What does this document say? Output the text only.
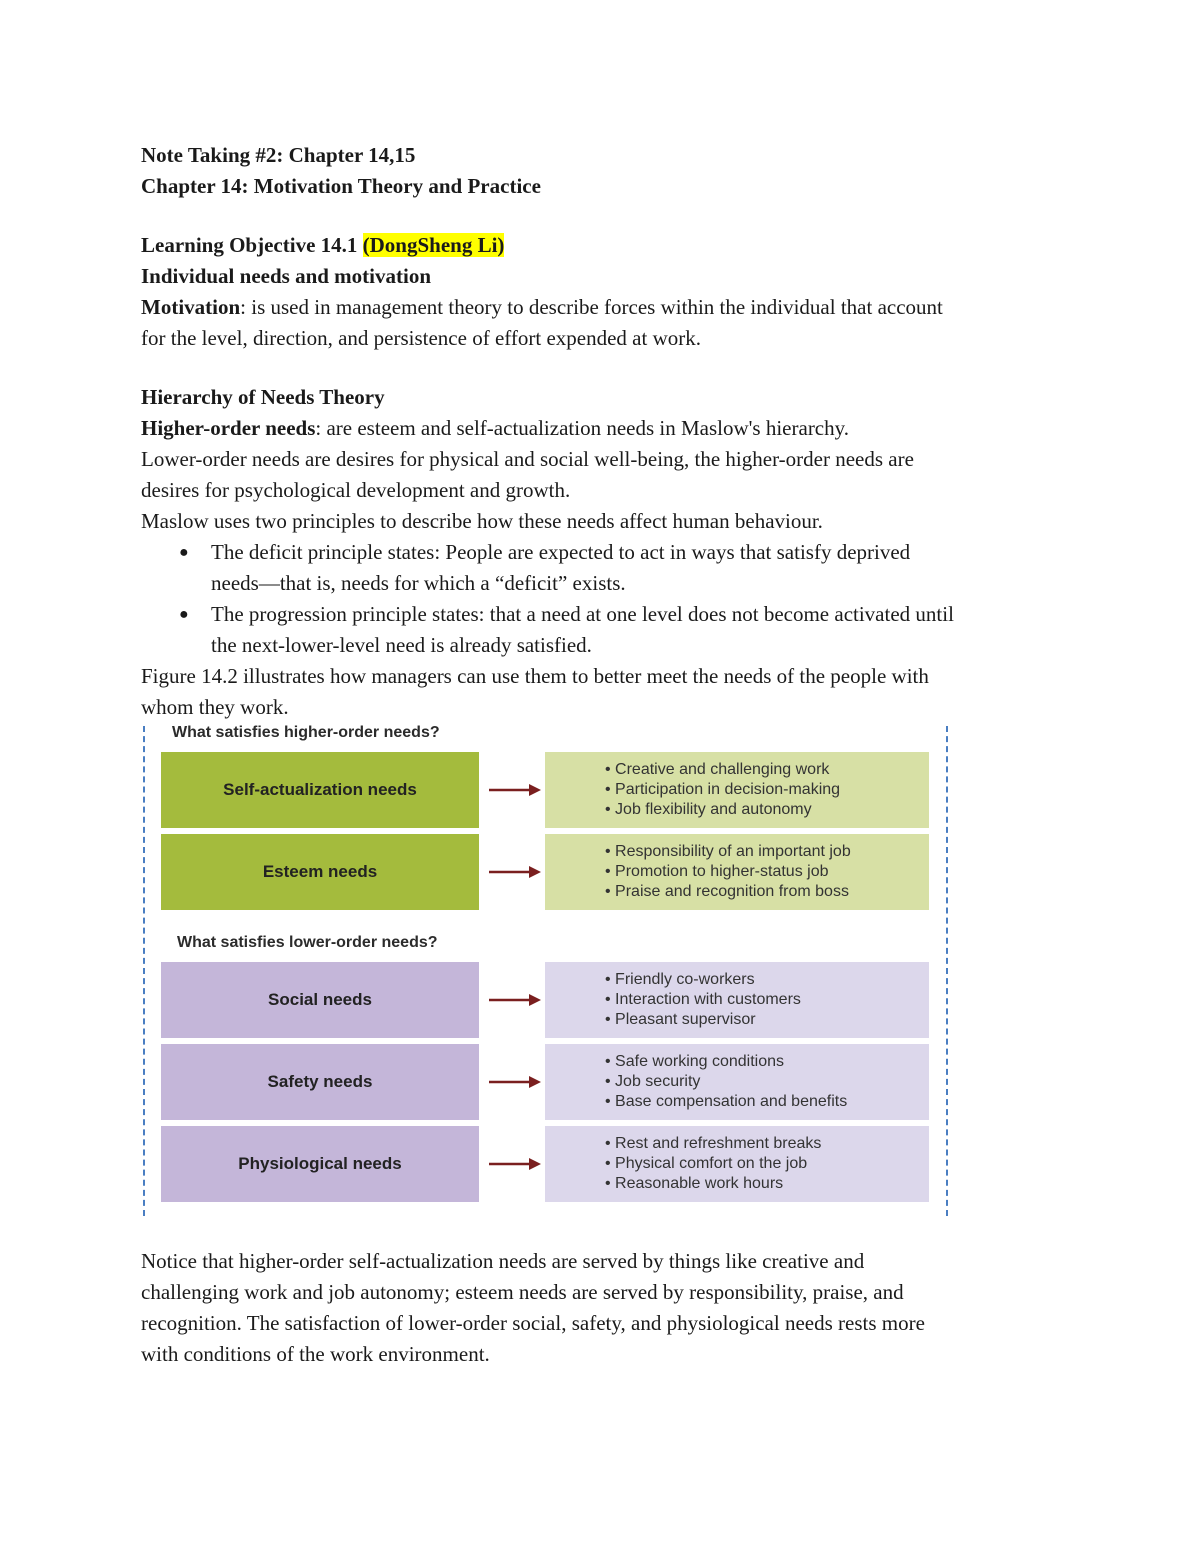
Note Taking #2: Chapter 14,15

Chapter 14: Motivation Theory and Practice

Learning Objective 14.1 (DongSheng Li)

Individual needs and motivation

Motivation: is used in management theory to describe forces within the individual that account

for the level, direction, and persistence of effort expended at work.

Hierarchy of Needs Theory

Higher-order needs: are esteem and self-actualization needs in Maslow's hierarchy.

Lower-order needs are desires for physical and social well-being, the higher-order needs are

desires for psychological development and growth.

Maslow uses two principles to describe how these needs affect human behaviour.

● The deficit principle states: People are expected to act in ways that satisfy deprived
needs—that is, needs for which a “deficit” exists.
● The progression principle states: that a need at one level does not become activated until
the next-lower-level need is already satisfied.

Figure 14.2 illustrates how managers can use them to better meet the needs of the people with

whom they work.

What satisfies higher-order needs?
Self-actualization needs
• Creative and challenging work
• Participation in decision-making
• Job flexibility and autonomy
Esteem needs
• Responsibility of an important job
• Promotion to higher-status job
• Praise and recognition from boss
What satisfies lower-order needs?
Social needs
• Friendly co-workers
• Interaction with customers
• Pleasant supervisor
Safety needs
• Safe working conditions
• Job security
• Base compensation and benefits
Physiological needs
• Rest and refreshment breaks
• Physical comfort on the job
• Reasonable work hours

Notice that higher-order self-actualization needs are served by things like creative and

challenging work and job autonomy; esteem needs are served by responsibility, praise, and

recognition. The satisfaction of lower-order social, safety, and physiological needs rests more

with conditions of the work environment.
